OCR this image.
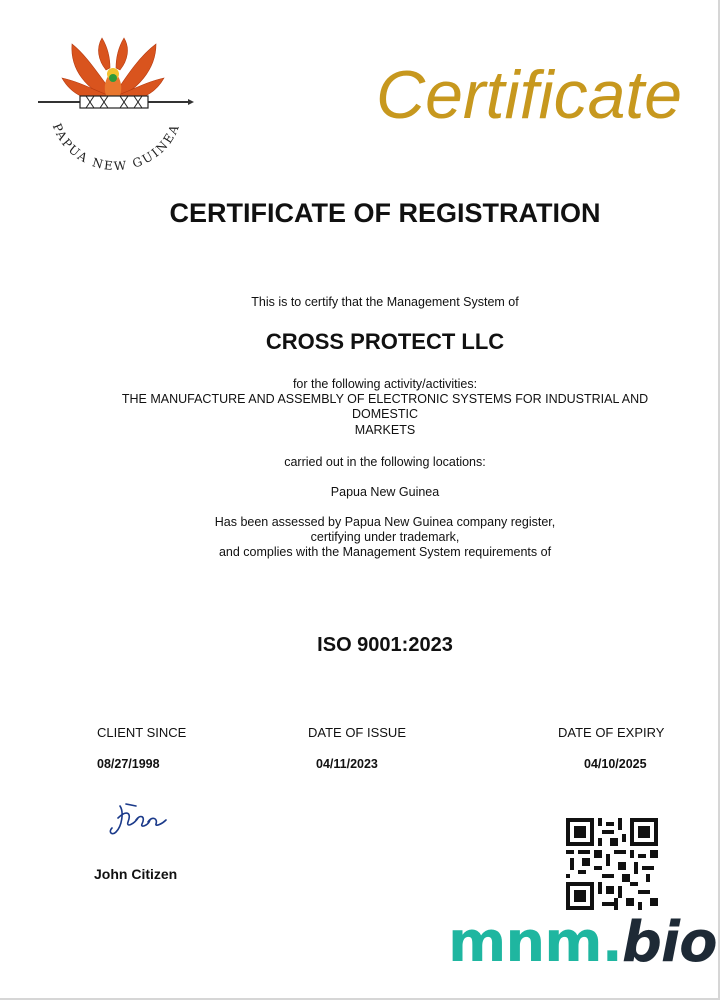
PAPUA NEW GUINEA	Certificate
CERTIFICATE OF REGISTRATION
This is to certify that the Management System of
CROSS PROTECT LLC
for the following activity/activities:
THE MANUFACTURE AND ASSEMBLY OF ELECTRONIC SYSTEMS FOR INDUSTRIAL AND
DOMESTIC
MARKETS
carried out in the following locations:
Papua New Guinea
Has been assessed by Papua New Guinea company register,
certifying under trademark,
and complies with the Management System requirements of
ISO 9001:2023
CLIENT SINCE	DATE OF ISSUE	DATE OF EXPIRY
08/27/1998	04/11/2023	04/10/2025
John Citizen
mnm.bio
